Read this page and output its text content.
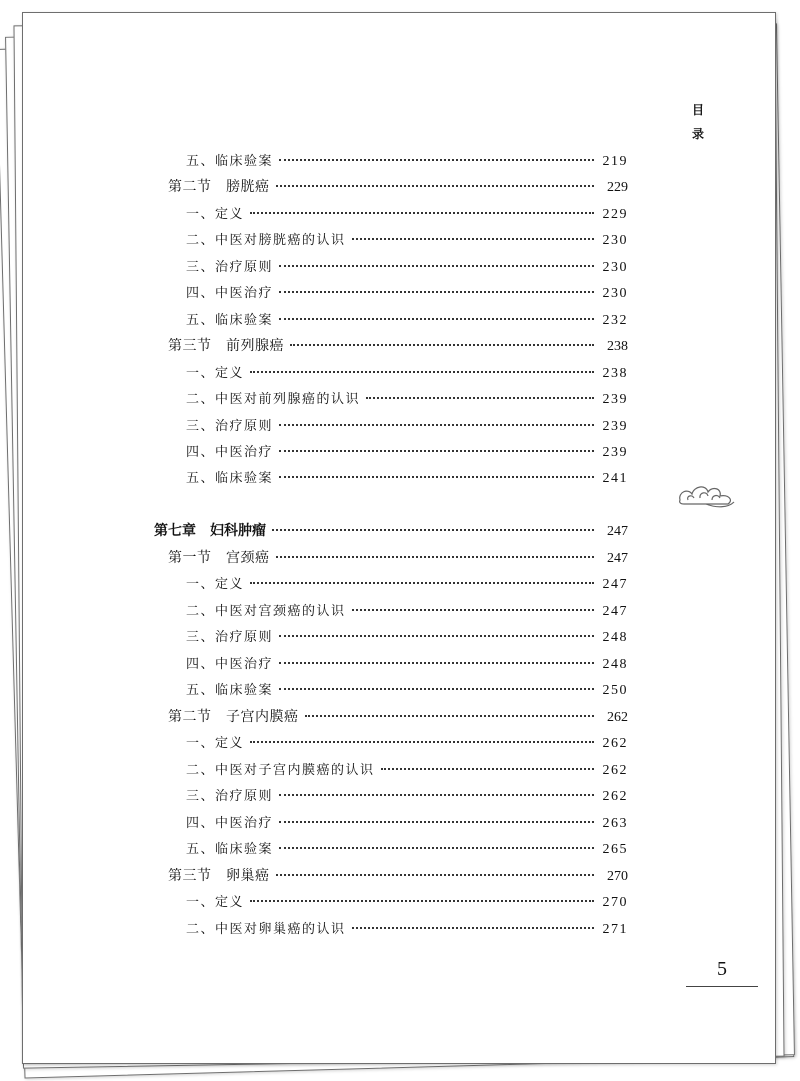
目
录
五、临床验案	219
第二节　膀胱癌	229
一、定义	229
二、中医对膀胱癌的认识	230
三、治疗原则	230
四、中医治疗	230
五、临床验案	232
第三节　前列腺癌	238
一、定义	238
二、中医对前列腺癌的认识	239
三、治疗原则	239
四、中医治疗	239
五、临床验案	241
第七章　妇科肿瘤	247
第一节　宫颈癌	247
一、定义	247
二、中医对宫颈癌的认识	247
三、治疗原则	248
四、中医治疗	248
五、临床验案	250
第二节　子宫内膜癌	262
一、定义	262
二、中医对子宫内膜癌的认识	262
三、治疗原则	262
四、中医治疗	263
五、临床验案	265
第三节　卵巢癌	270
一、定义	270
二、中医对卵巢癌的认识	271
5
